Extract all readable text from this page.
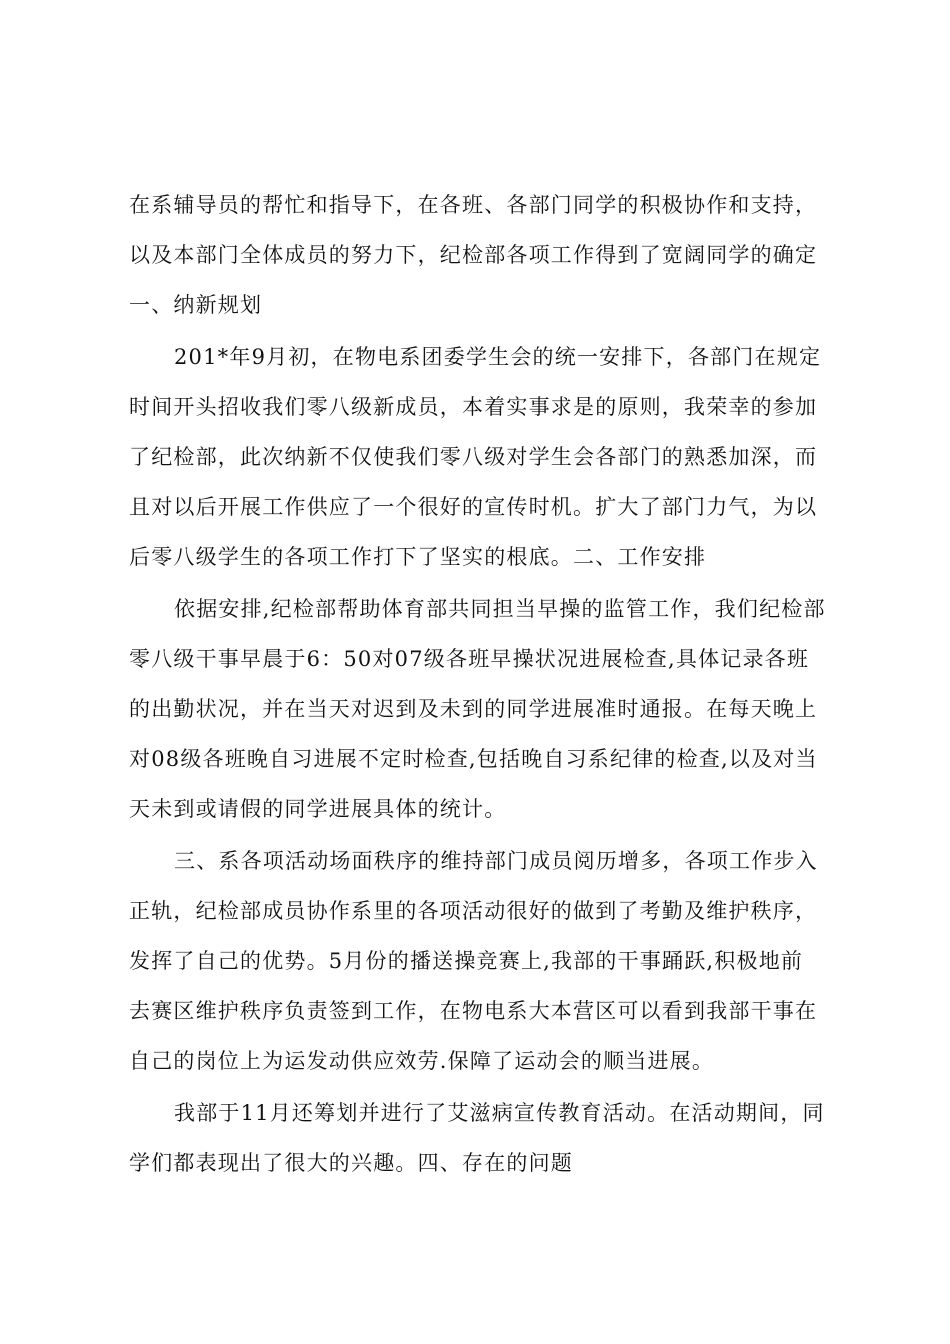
在系辅导员的帮忙和指导下，在各班、各部门同学的积极协作和支持，
以及本部门全体成员的努力下，纪检部各项工作得到了宽阔同学的确定
一、纳新规划
201*年9月初，在物电系团委学生会的统一安排下，各部门在规定
时间开头招收我们零八级新成员，本着实事求是的原则，我荣幸的参加
了纪检部，此次纳新不仅使我们零八级对学生会各部门的熟悉加深，而
且对以后开展工作供应了一个很好的宣传时机。扩大了部门力气，为以
后零八级学生的各项工作打下了坚实的根底。二、工作安排
依据安排,纪检部帮助体育部共同担当早操的监管工作，我们纪检部
零八级干事早晨于6：50对07级各班早操状况进展检查,具体记录各班
的出勤状况，并在当天对迟到及未到的同学进展准时通报。在每天晚上
对08级各班晚自习进展不定时检查,包括晚自习系纪律的检查,以及对当
天未到或请假的同学进展具体的统计。
三、系各项活动场面秩序的维持部门成员阅历增多，各项工作步入
正轨，纪检部成员协作系里的各项活动很好的做到了考勤及维护秩序，
发挥了自己的优势。5月份的播送操竞赛上,我部的干事踊跃,积极地前
去赛区维护秩序负责签到工作，在物电系大本营区可以看到我部干事在
自己的岗位上为运发动供应效劳.保障了运动会的顺当进展。
我部于11月还筹划并进行了艾滋病宣传教育活动。在活动期间，同
学们都表现出了很大的兴趣。四、存在的问题
